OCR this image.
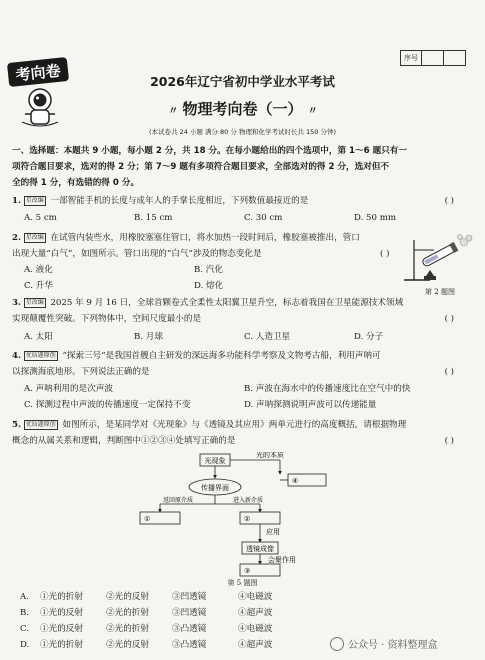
序号
考向卷	2026年辽宁省初中学业水平考试
〃 物理考向卷（一） 〃
(本试卷共 24 小题 满分 80 分 物理和化学考试时长共 150 分钟)
一、选择题：本题共 9 小题，每小题 2 分，共 18 分。在每小题给出的四个选项中，第 1～6 题只有一
项符合题目要求，选对的得 2 分；第 7～9 题有多项符合题目要求，全部选对的得 2 分，选对但不
全的得 1 分，有选错的得 0 分。
1. 星改编 一部智能手机的长度与成年人的手掌长度相近，下列数值最接近的是	( )
A. 5 cm	B. 15 cm	C. 30 cm	D. 50 mm
2. 星改编 在试管内装些水，用橡胶塞塞住管口，将水加热一段时间后，橡胶塞被推出，管口
出现大量“白气”，如图所示。管口出现的“白气”涉及的物态变化是	( )
A. 液化	B. 汽化
C. 升华	D. 熔化
第 2 题图
3. 星改编 2025 年 9 月 16 日，全球首颗卷式全柔性太阳翼卫星升空，标志着我国在卫星能源技术领域
实现颠覆性突破。下列物体中，空间尺度最小的是	( )
A. 太阳	B. 月球	C. 人造卫星	D. 分子
4. 优质题原创 “探索三号”是我国首艘自主研发的深远海多功能科学考察及文物考古船，利用声呐可
以探测海底地形。下列说法正确的是	( )
A. 声呐利用的是次声波	B. 声波在海水中的传播速度比在空气中的快
C. 探测过程中声波的传播速度一定保持不变	D. 声呐探测说明声波可以传递能量
5. 优质题原创 如图所示，是某同学对《光现象》与《透镜及其应用》两单元进行的高度概括，请根据物理
概念的从属关系和逻辑，判断图中①②③④处填写正确的是	( )
光现象
光的本质
④
传播界面
返回原介质	进入新介质
①	②
应用
透镜成像
会聚作用
③
第 5 题图
A.	①光的折射	②光的反射	③凹透镜	④电磁波
B.	①光的反射	②光的折射	③凹透镜	④超声波
C.	①光的反射	②光的折射	③凸透镜	④电磁波
D.	①光的折射	②光的反射	③凸透镜	④超声波	公众号 · 资料整理盒
